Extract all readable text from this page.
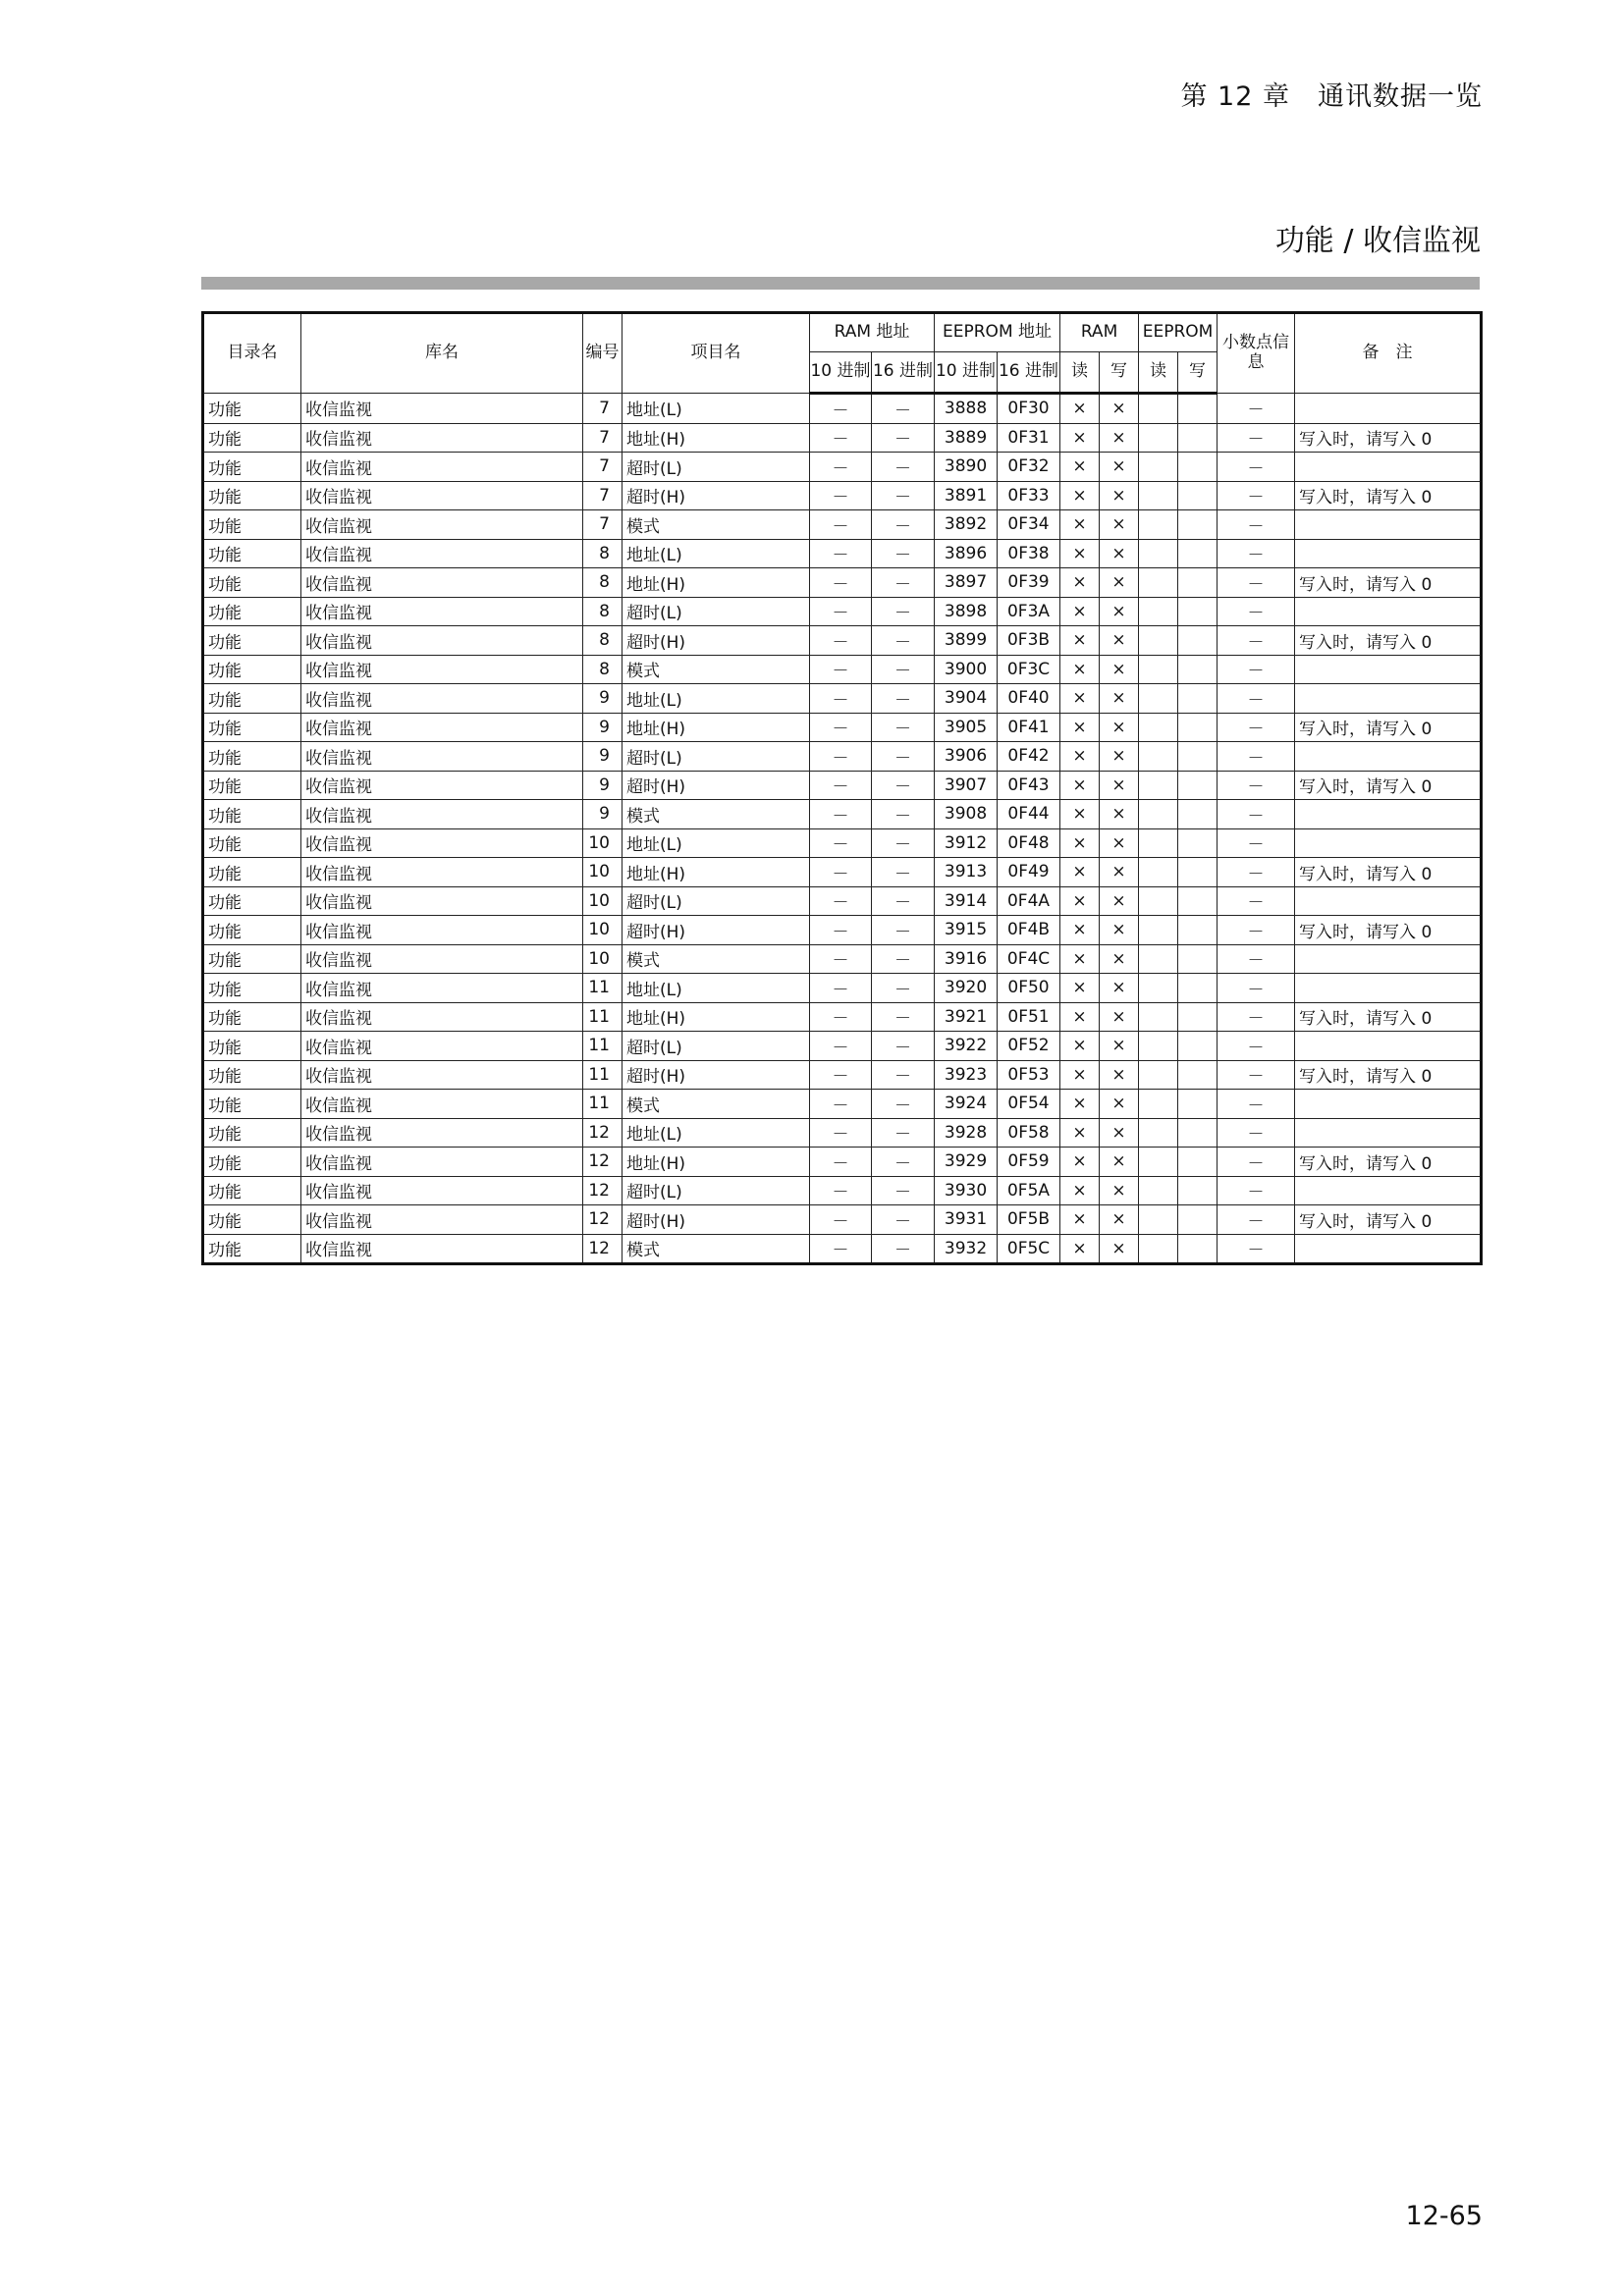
第 12 章　通讯数据一览
功能 / 收信监视
目录名	库名	编号	项目名	RAM 地址		EEPROM 地址		RAM		EEPROM		小数点信息	备　注
				10 进制	16 进制	10 进制	16 进制	读	写	读	写		
功能	收信监视	7	地址(L)	－	－	3888	0F30	×	×			－	
功能	收信监视	7	地址(H)	－	－	3889	0F31	×	×			－	写入时，请写入 0
功能	收信监视	7	超时(L)	－	－	3890	0F32	×	×			－	
功能	收信监视	7	超时(H)	－	－	3891	0F33	×	×			－	写入时，请写入 0
功能	收信监视	7	模式	－	－	3892	0F34	×	×			－	
功能	收信监视	8	地址(L)	－	－	3896	0F38	×	×			－	
功能	收信监视	8	地址(H)	－	－	3897	0F39	×	×			－	写入时，请写入 0
功能	收信监视	8	超时(L)	－	－	3898	0F3A	×	×			－	
功能	收信监视	8	超时(H)	－	－	3899	0F3B	×	×			－	写入时，请写入 0
功能	收信监视	8	模式	－	－	3900	0F3C	×	×			－	
功能	收信监视	9	地址(L)	－	－	3904	0F40	×	×			－	
功能	收信监视	9	地址(H)	－	－	3905	0F41	×	×			－	写入时，请写入 0
功能	收信监视	9	超时(L)	－	－	3906	0F42	×	×			－	
功能	收信监视	9	超时(H)	－	－	3907	0F43	×	×			－	写入时，请写入 0
功能	收信监视	9	模式	－	－	3908	0F44	×	×			－	
功能	收信监视	10	地址(L)	－	－	3912	0F48	×	×			－	
功能	收信监视	10	地址(H)	－	－	3913	0F49	×	×			－	写入时，请写入 0
功能	收信监视	10	超时(L)	－	－	3914	0F4A	×	×			－	
功能	收信监视	10	超时(H)	－	－	3915	0F4B	×	×			－	写入时，请写入 0
功能	收信监视	10	模式	－	－	3916	0F4C	×	×			－	
功能	收信监视	11	地址(L)	－	－	3920	0F50	×	×			－	
功能	收信监视	11	地址(H)	－	－	3921	0F51	×	×			－	写入时，请写入 0
功能	收信监视	11	超时(L)	－	－	3922	0F52	×	×			－	
功能	收信监视	11	超时(H)	－	－	3923	0F53	×	×			－	写入时，请写入 0
功能	收信监视	11	模式	－	－	3924	0F54	×	×			－	
功能	收信监视	12	地址(L)	－	－	3928	0F58	×	×			－	
功能	收信监视	12	地址(H)	－	－	3929	0F59	×	×			－	写入时，请写入 0
功能	收信监视	12	超时(L)	－	－	3930	0F5A	×	×			－	
功能	收信监视	12	超时(H)	－	－	3931	0F5B	×	×			－	写入时，请写入 0
功能	收信监视	12	模式	－	－	3932	0F5C	×	×			－	
12-65
